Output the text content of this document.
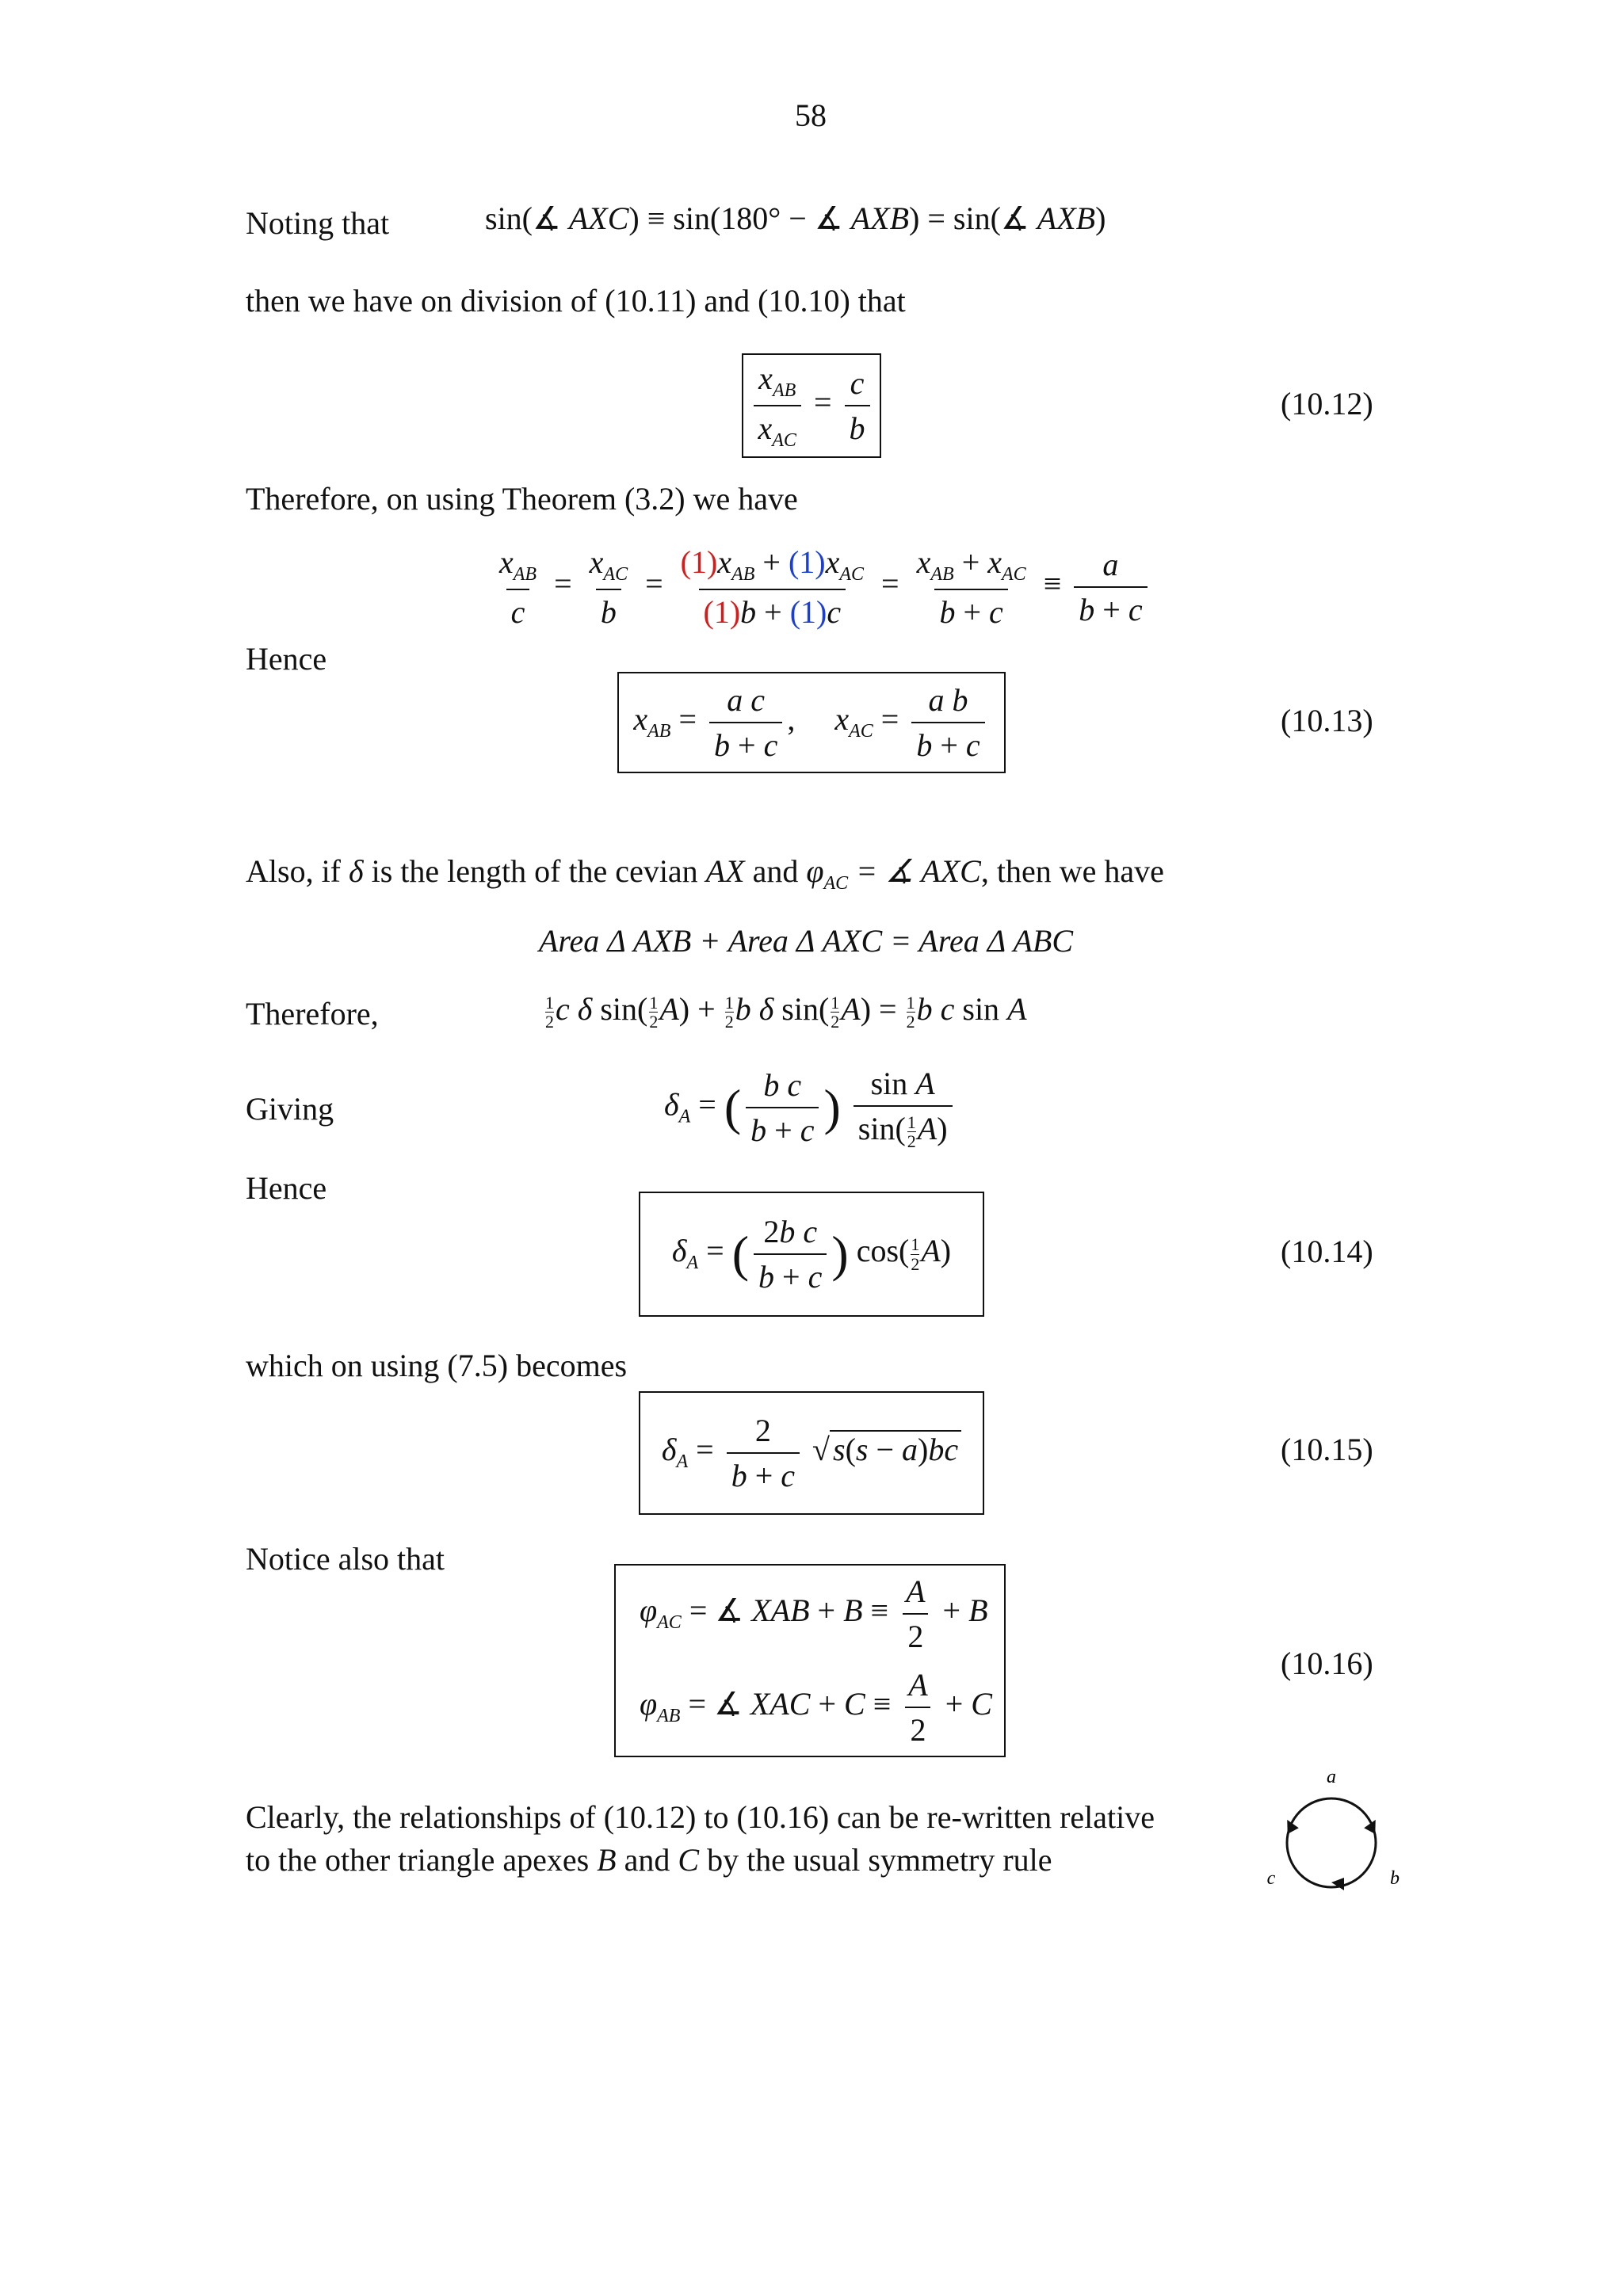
58
Noting that	sin(∡ AXC) ≡ sin(180° − ∡ AXB) = sin(∡ AXB)
then we have on division of (10.11) and (10.10) that
$\frac{x_{AB}}{x_{AC}} = \frac{c}{b}$	(10.12)
Therefore, on using Theorem (3.2) we have
$\frac{x_{AB}}{c} = \frac{x_{AC}}{b} = \frac{(1)x_{AB} + (1)x_{AC}}{(1)b + (1)c} = \frac{x_{AB} + x_{AC}}{b + c} \equiv \frac{a}{b + c}$
Hence
$x_{AB} = \frac{\text{a c}}{b + c}$ ,     $x_{AC} = \frac{\text{a b}}{b + c}$	(10.13)
Also, if δ is the length of the cevian AX and $\varphi_{AC}$ = ∡ AXC, then we have
Area Δ AXB + Area Δ AXC = Area Δ ABC
Therefore,	$\frac{1}{2}$ c δ $\sin( \frac{1}{2} A) + \frac{1}{2}$ b δ $\sin( \frac{1}{2} A) = \frac{1}{2}$ b c sin A
Giving	$\delta_A$ = ( $\frac{\text{b c}}{b + c}$ ) $\frac{\text{sin A}}{\sin( \frac{1}{2} A)}$
Hence
$\delta_A$ = ( $\frac{\text{2b c}}{b + c}$ ) $\cos( \frac{1}{2} A)$	(10.14)
which on using (7.5) becomes
$\delta_A = \frac{2}{b + c}$ √ s(s − a)bc	(10.15)
Notice also that
$\varphi_{AC}$ = ∡ XAB + $B \equiv \frac{A}{2} + B$
$\varphi_{AB}$ = ∡ XAC + $C \equiv \frac{A}{2} + C$
(10.16)
Clearly, the relationships of (10.12) to (10.16) can be re-written relative
to the other triangle apexes B and C by the usual symmetry rule
a
b
c
